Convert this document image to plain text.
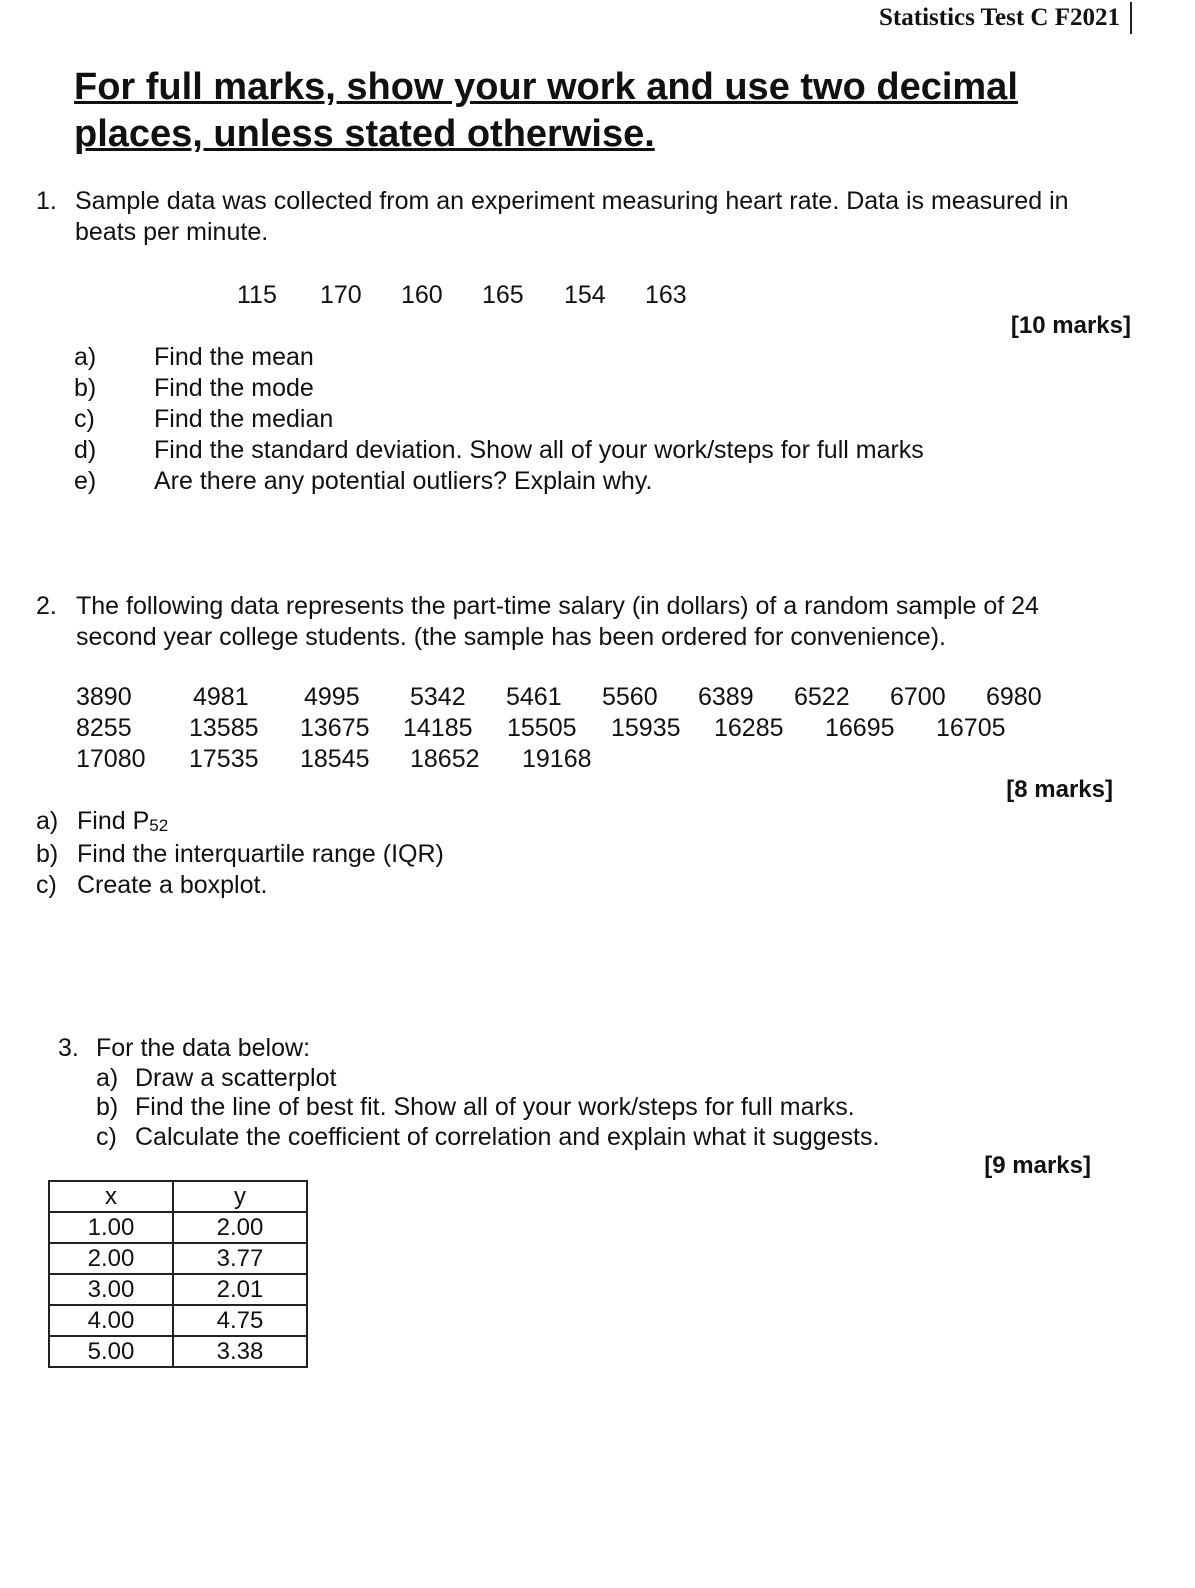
Statistics Test C F2021
For full marks, show your work and use two decimal
places, unless stated otherwise.
1. Sample data was collected from an experiment measuring heart rate. Data is measured in
beats per minute.
115 170 160 165 154 163
[10 marks]
a) Find the mean
b) Find the mode
c) Find the median
d) Find the standard deviation. Show all of your work/steps for full marks
e) Are there any potential outliers? Explain why.
2. The following data represents the part-time salary (in dollars) of a random sample of 24
second year college students. (the sample has been ordered for convenience).
3890 4981 4995 5342 5461 5560 6389 6522 6700 6980
8255 13585 13675 14185 15505 15935 16285 16695 16705
17080 17535 18545 18652 19168
[8 marks]
a) Find $P_{52}$
b) Find the interquartile range (IQR)
c) Create a boxplot.
3. For the data below:
a) Draw a scatterplot
b) Find the line of best fit. Show all of your work/steps for full marks.
c) Calculate the coefficient of correlation and explain what it suggests.
[9 marks]
x	y
1.00	2.00
2.00	3.77
3.00	2.01
4.00	4.75
5.00	3.38
